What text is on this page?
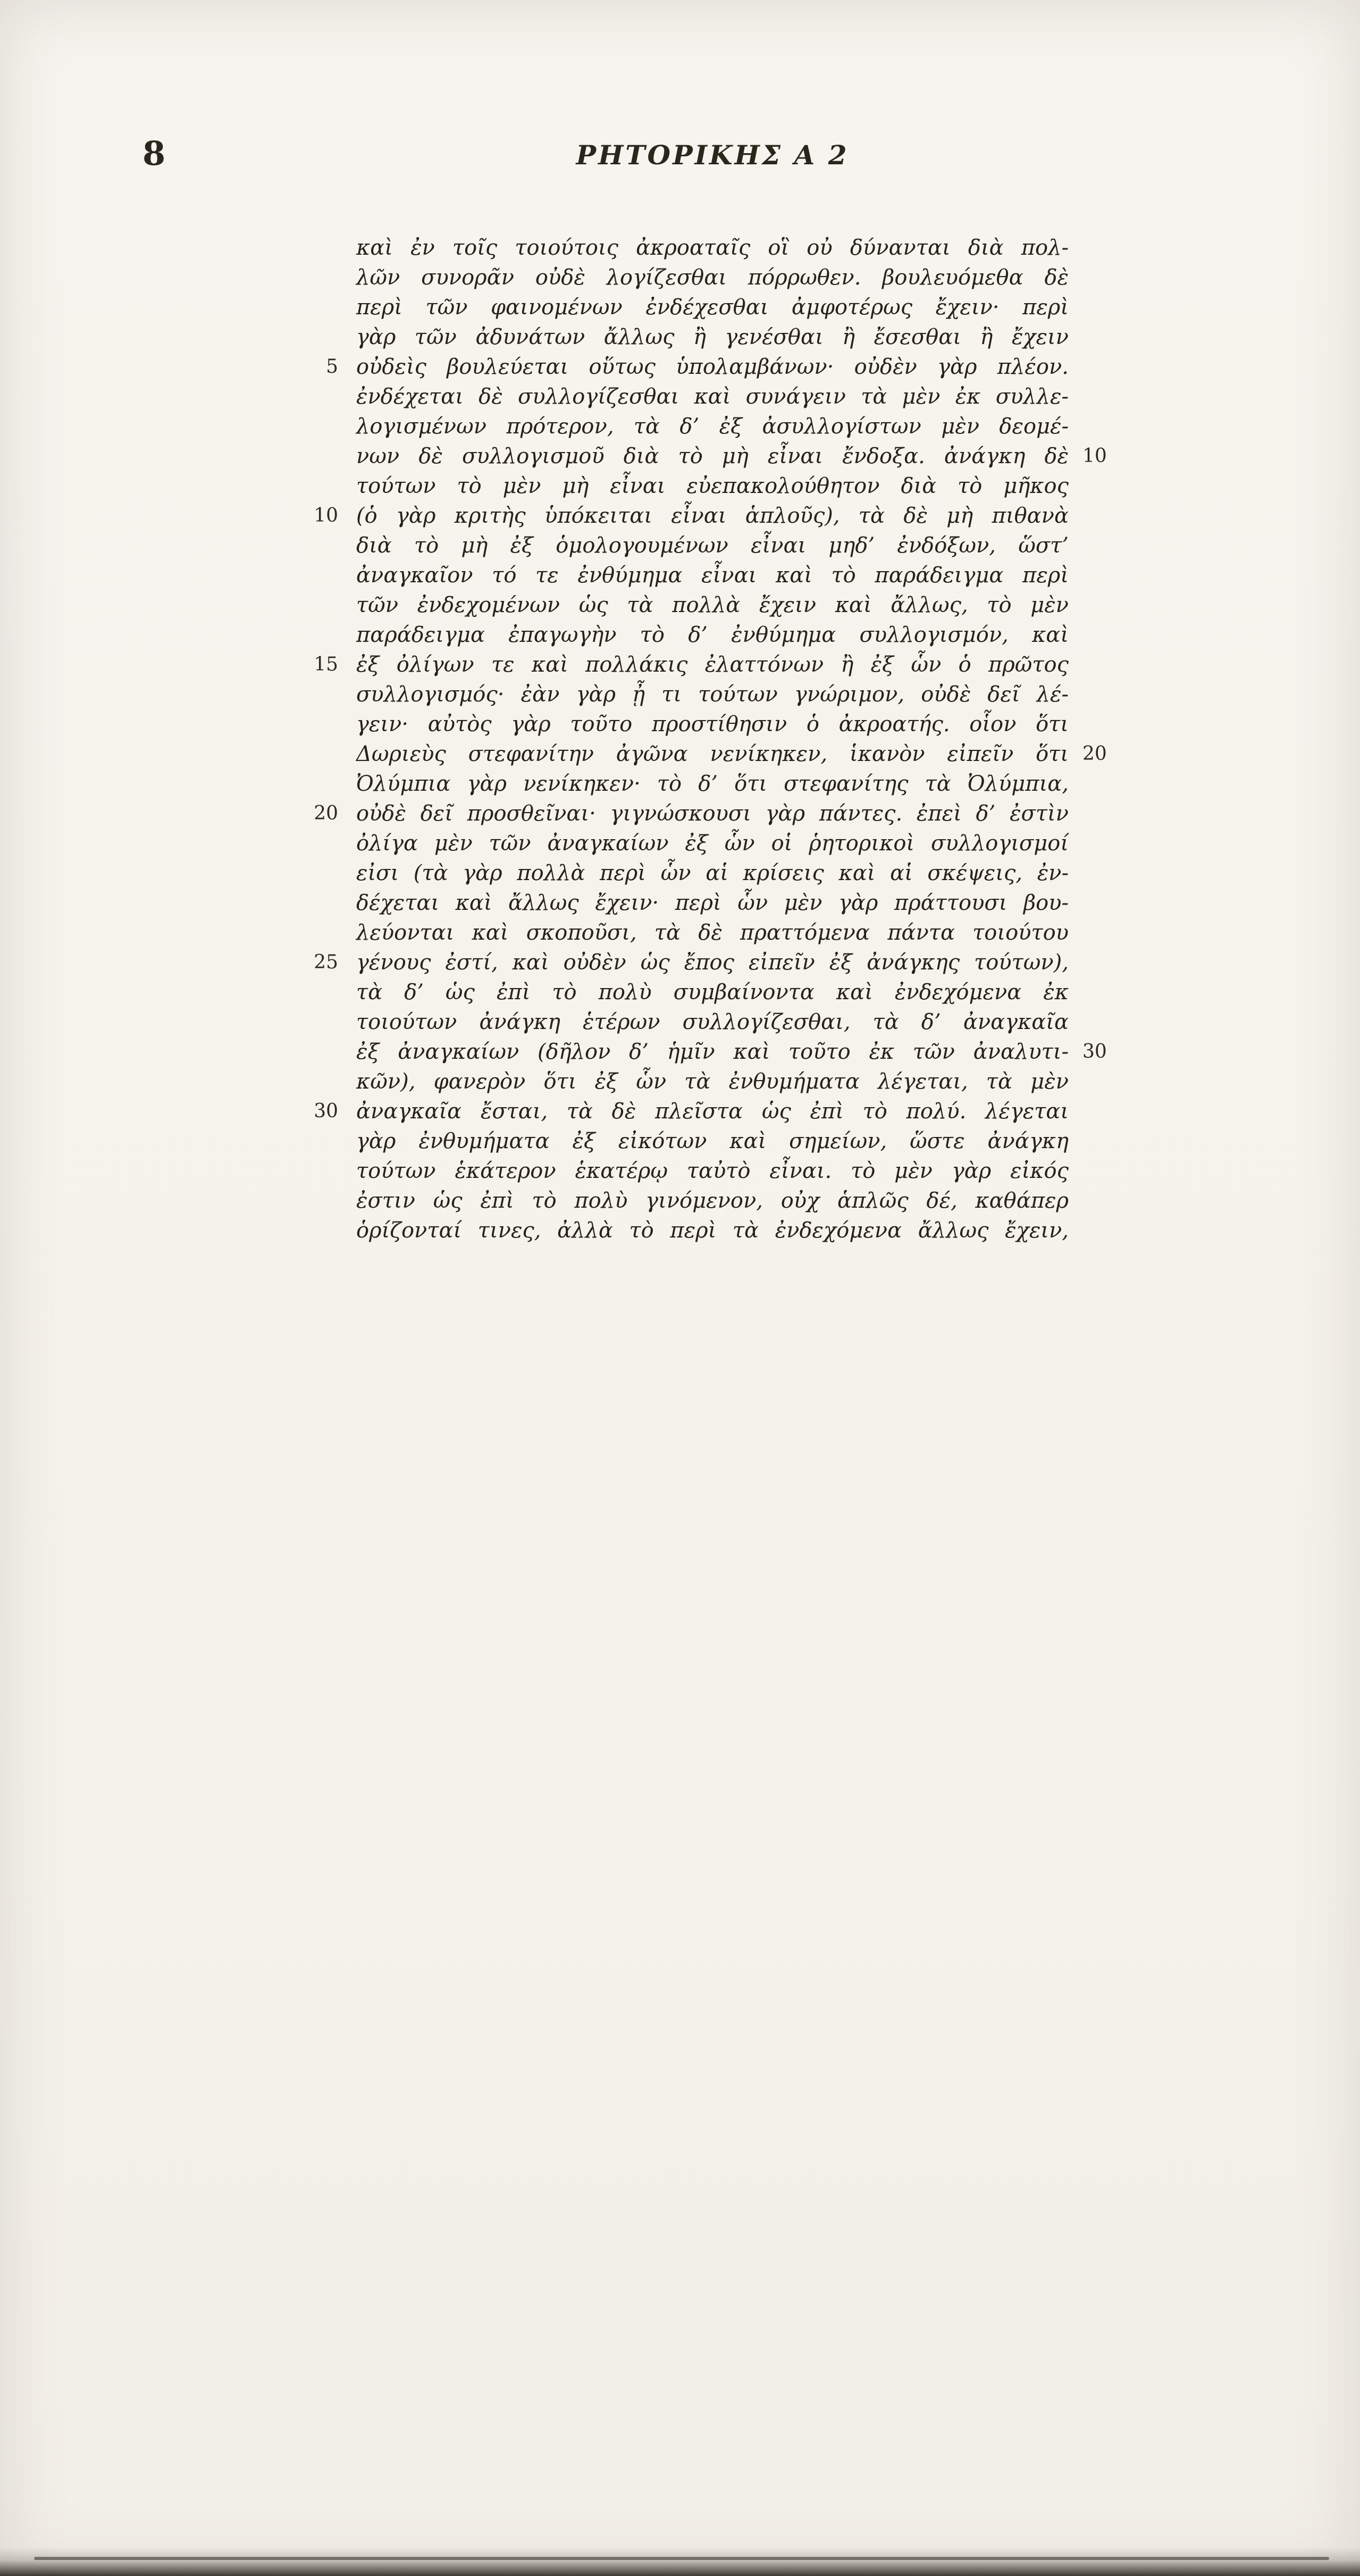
8	ΡΗΤΟΡΙΚΗΣ Α 2
καὶ ἐν τοῖς τοιούτοις ἀκροαταῖς οἳ οὐ δύνανται διὰ πολ-
λῶν συνορᾶν οὐδὲ λογίζεσθαι πόρρωθεν. βουλευόμεθα δὲ
περὶ τῶν φαινομένων ἐνδέχεσθαι ἀμφοτέρως ἔχειν· περὶ
γὰρ τῶν ἀδυνάτων ἄλλως ἢ γενέσθαι ἢ ἔσεσθαι ἢ ἔχειν
5 οὐδεὶς βουλεύεται οὕτως ὑπολαμβάνων· οὐδὲν γὰρ πλέον.
ἐνδέχεται δὲ συλλογίζεσθαι καὶ συνάγειν τὰ μὲν ἐκ συλλε-
λογισμένων πρότερον, τὰ δ’ ἐξ ἀσυλλογίστων μὲν δεομέ-
νων δὲ συλλογισμοῦ διὰ τὸ μὴ εἶναι ἔνδοξα. ἀνάγκη δὲ 10
τούτων τὸ μὲν μὴ εἶναι εὐεπακολούθητον διὰ τὸ μῆκος
10 (ὁ γὰρ κριτὴς ὑπόκειται εἶναι ἁπλοῦς), τὰ δὲ μὴ πιθανὰ
διὰ τὸ μὴ ἐξ ὁμολογουμένων εἶναι μηδ’ ἐνδόξων, ὥστ’
ἀναγκαῖον τό τε ἐνθύμημα εἶναι καὶ τὸ παράδειγμα περὶ
τῶν ἐνδεχομένων ὡς τὰ πολλὰ ἔχειν καὶ ἄλλως, τὸ μὲν
παράδειγμα ἐπαγωγὴν τὸ δ’ ἐνθύμημα συλλογισμόν, καὶ
15 ἐξ ὀλίγων τε καὶ πολλάκις ἐλαττόνων ἢ ἐξ ὧν ὁ πρῶτος
συλλογισμός· ἐὰν γὰρ ᾖ τι τούτων γνώριμον, οὐδὲ δεῖ λέ-
γειν· αὐτὸς γὰρ τοῦτο προστίθησιν ὁ ἀκροατής. οἷον ὅτι
Δωριεὺς στεφανίτην ἀγῶνα νενίκηκεν, ἱκανὸν εἰπεῖν ὅτι 20
Ὀλύμπια γὰρ νενίκηκεν· τὸ δ’ ὅτι στεφανίτης τὰ Ὀλύμπια,
20 οὐδὲ δεῖ προσθεῖναι· γιγνώσκουσι γὰρ πάντες. ἐπεὶ δ’ ἐστὶν
ὀλίγα μὲν τῶν ἀναγκαίων ἐξ ὧν οἱ ῥητορικοὶ συλλογισμοί
εἰσι (τὰ γὰρ πολλὰ περὶ ὧν αἱ κρίσεις καὶ αἱ σκέψεις, ἐν-
δέχεται καὶ ἄλλως ἔχειν· περὶ ὧν μὲν γὰρ πράττουσι βου-
λεύονται καὶ σκοποῦσι, τὰ δὲ πραττόμενα πάντα τοιούτου
25 γένους ἐστί, καὶ οὐδὲν ὡς ἔπος εἰπεῖν ἐξ ἀνάγκης τούτων),
τὰ δ’ ὡς ἐπὶ τὸ πολὺ συμβαίνοντα καὶ ἐνδεχόμενα ἐκ
τοιούτων ἀνάγκη ἑτέρων συλλογίζεσθαι, τὰ δ’ ἀναγκαῖα
ἐξ ἀναγκαίων (δῆλον δ’ ἡμῖν καὶ τοῦτο ἐκ τῶν ἀναλυτι- 30
κῶν), φανερὸν ὅτι ἐξ ὧν τὰ ἐνθυμήματα λέγεται, τὰ μὲν
30 ἀναγκαῖα ἔσται, τὰ δὲ πλεῖστα ὡς ἐπὶ τὸ πολύ. λέγεται
γὰρ ἐνθυμήματα ἐξ εἰκότων καὶ σημείων, ὥστε ἀνάγκη
τούτων ἑκάτερον ἑκατέρῳ ταὐτὸ εἶναι. τὸ μὲν γὰρ εἰκός
ἐστιν ὡς ἐπὶ τὸ πολὺ γινόμενον, οὐχ ἁπλῶς δέ, καθάπερ
ὁρίζονταί τινες, ἀλλὰ τὸ περὶ τὰ ἐνδεχόμενα ἄλλως ἔχειν,
